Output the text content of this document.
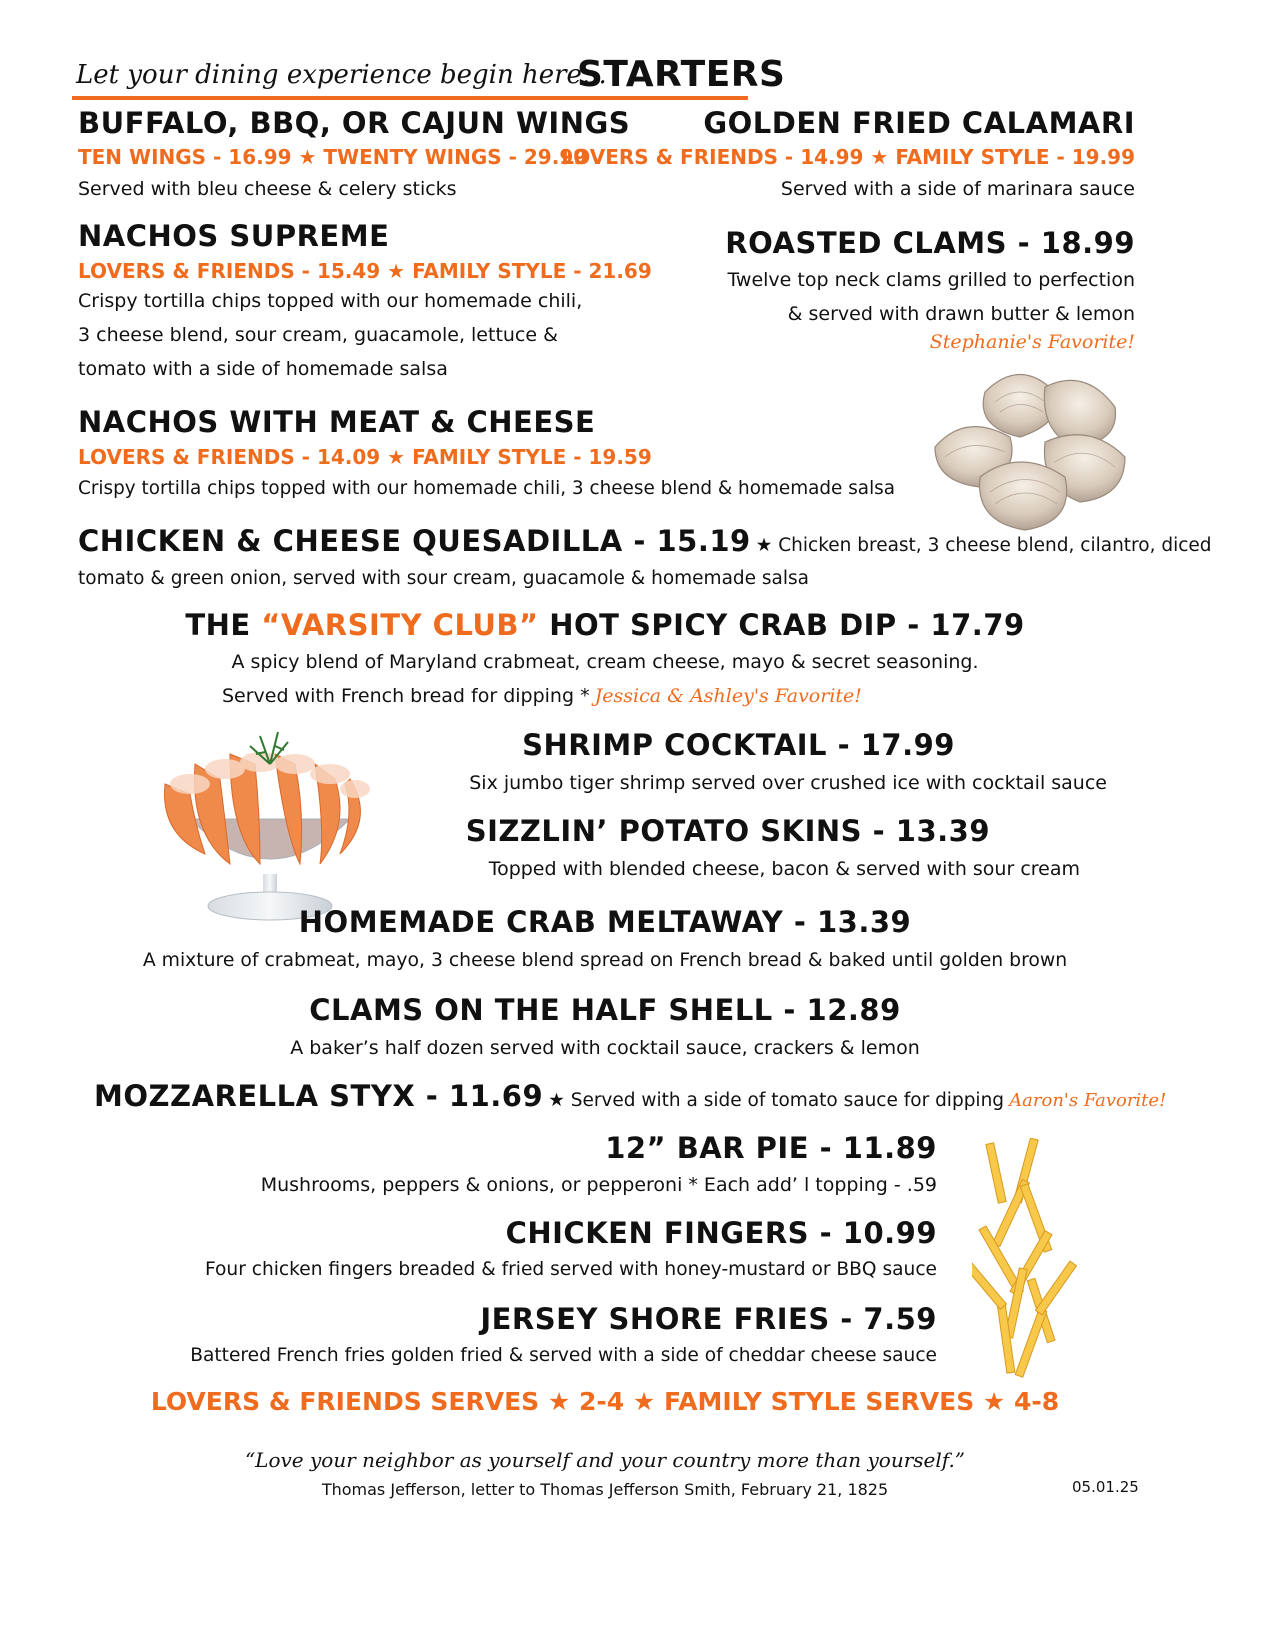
Let your dining experience begin here...
STARTERS
BUFFALO, BBQ, OR CAJUN WINGS
TEN WINGS - 16.99 ★ TWENTY WINGS - 29.99
Served with bleu cheese & celery sticks
GOLDEN FRIED CALAMARI
LOVERS & FRIENDS - 14.99 ★ FAMILY STYLE - 19.99
Served with a side of marinara sauce
NACHOS SUPREME
LOVERS & FRIENDS - 15.49 ★ FAMILY STYLE - 21.69
Crispy tortilla chips topped with our homemade chili,
3 cheese blend, sour cream, guacamole, lettuce &
tomato with a side of homemade salsa
ROASTED CLAMS - 18.99
Twelve top neck clams grilled to perfection
& served with drawn butter & lemon
Stephanie's Favorite!
NACHOS WITH MEAT & CHEESE
LOVERS & FRIENDS - 14.09 ★ FAMILY STYLE - 19.59
Crispy tortilla chips topped with our homemade chili, 3 cheese blend & homemade salsa
CHICKEN & CHEESE QUESADILLA - 15.19 ★ Chicken breast, 3 cheese blend, cilantro, diced
tomato & green onion, served with sour cream, guacamole & homemade salsa
THE “VARSITY CLUB” HOT SPICY CRAB DIP - 17.79
A spicy blend of Maryland crabmeat, cream cheese, mayo & secret seasoning.
Served with French bread for dipping * Jessica & Ashley's Favorite!
SHRIMP COCKTAIL - 17.99
Six jumbo tiger shrimp served over crushed ice with cocktail sauce
SIZZLIN’ POTATO SKINS - 13.39
Topped with blended cheese, bacon & served with sour cream
HOMEMADE CRAB MELTAWAY - 13.39
A mixture of crabmeat, mayo, 3 cheese blend spread on French bread & baked until golden brown
CLAMS ON THE HALF SHELL - 12.89
A baker’s half dozen served with cocktail sauce, crackers & lemon
MOZZARELLA STYX - 11.69 ★ Served with a side of tomato sauce for dipping Aaron's Favorite!
12” BAR PIE - 11.89
Mushrooms, peppers & onions, or pepperoni * Each add’ l topping - .59
CHICKEN FINGERS - 10.99
Four chicken fingers breaded & fried served with honey-mustard or BBQ sauce
JERSEY SHORE FRIES - 7.59
Battered French fries golden fried & served with a side of cheddar cheese sauce
LOVERS & FRIENDS SERVES ★ 2-4 ★ FAMILY STYLE SERVES ★ 4-8
“Love your neighbor as yourself and your country more than yourself.”
Thomas Jefferson, letter to Thomas Jefferson Smith, February 21, 1825	05.01.25
